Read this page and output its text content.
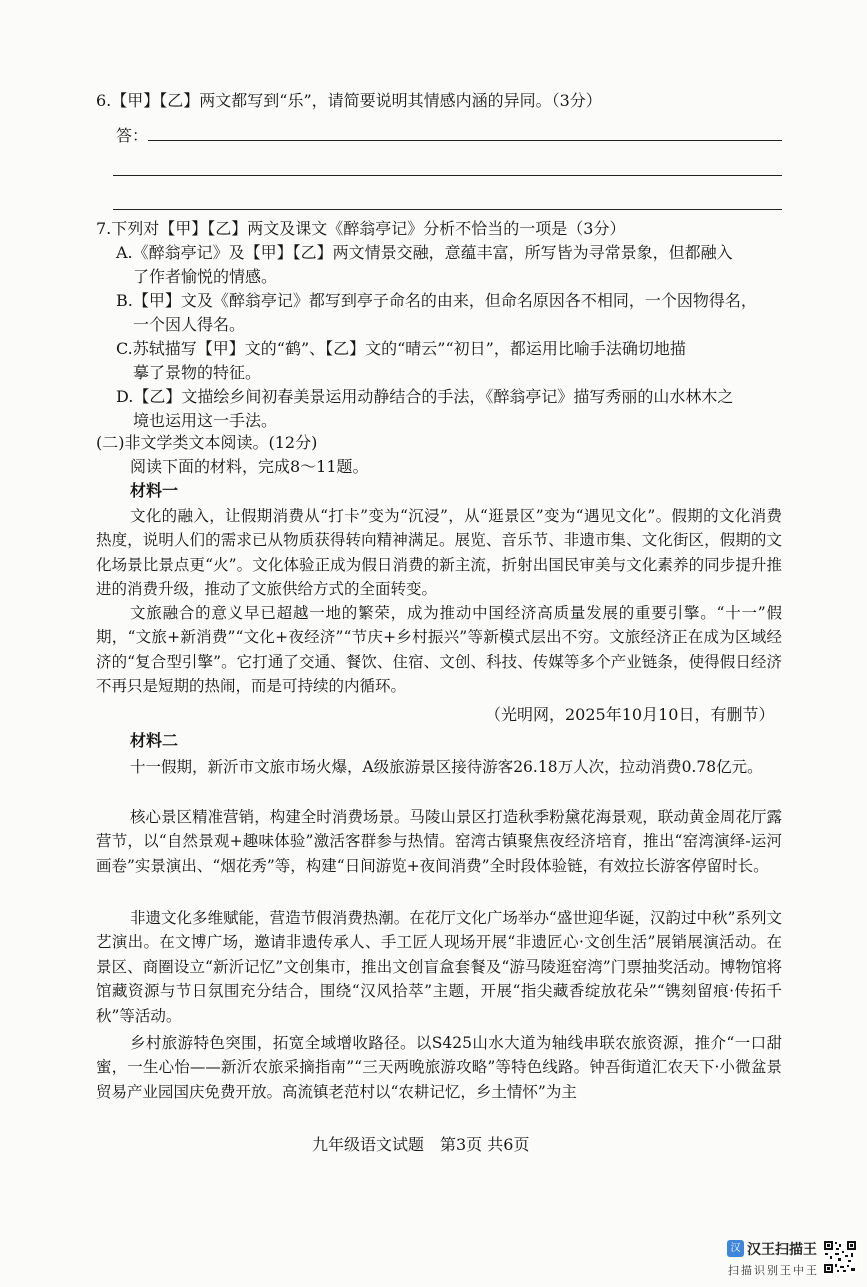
6.【甲】【乙】两文都写到“乐”，请简要说明其情感内涵的异同。（3分）

答：

7.下列对【甲】【乙】两文及课文《醉翁亭记》分析不恰当的一项是（3分）

A.《醉翁亭记》及【甲】【乙】两文情景交融，意蕴丰富，所写皆为寻常景象，但都融入

了作者愉悦的情感。

B.【甲】文及《醉翁亭记》都写到亭子命名的由来，但命名原因各不相同，一个因物得名，

一个因人得名。

C.苏轼描写【甲】文的“鹤”、【乙】文的“晴云”“初日”，都运用比喻手法确切地描

摹了景物的特征。

D.【乙】文描绘乡间初春美景运用动静结合的手法，《醉翁亭记》描写秀丽的山水林木之

境也运用这一手法。

(二)非文学类文本阅读。(12分)

阅读下面的材料，完成8～11题。

材料一

文化的融入，让假期消费从“打卡”变为“沉浸”，从“逛景区”变为“遇见文化”。假期的文化消费热度，说明人们的需求已从物质获得转向精神满足。展览、音乐节、非遗市集、文化街区，假期的文化场景比景点更“火”。文化体验正成为假日消费的新主流，折射出国民审美与文化素养的同步提升推进的消费升级，推动了文旅供给方式的全面转变。

文旅融合的意义早已超越一地的繁荣，成为推动中国经济高质量发展的重要引擎。“十一”假期，“文旅+新消费”“文化+夜经济”“节庆+乡村振兴”等新模式层出不穷。文旅经济正在成为区域经济的“复合型引擎”。它打通了交通、餐饮、住宿、文创、科技、传媒等多个产业链条，使得假日经济不再只是短期的热闹，而是可持续的内循环。

（光明网，2025年10月10日，有删节）

材料二

十一假期，新沂市文旅市场火爆，A级旅游景区接待游客26.18万人次，拉动消费0.78亿元。

核心景区精准营销，构建全时消费场景。马陵山景区打造秋季粉黛花海景观，联动黄金周花厅露营节，以“自然景观+趣味体验”激活客群参与热情。窑湾古镇聚焦夜经济培育，推出“窑湾演绎-运河画卷”实景演出、“烟花秀”等，构建“日间游览+夜间消费”全时段体验链，有效拉长游客停留时长。

非遗文化多维赋能，营造节假消费热潮。在花厅文化广场举办“盛世迎华诞，汉韵过中秋”系列文艺演出。在文博广场，邀请非遗传承人、手工匠人现场开展“非遗匠心·文创生活”展销展演活动。在景区、商圈设立“新沂记忆”文创集市，推出文创盲盒套餐及“游马陵逛窑湾”门票抽奖活动。博物馆将馆藏资源与节日氛围充分结合，围绕“汉风拾萃”主题，开展“指尖藏香绽放花朵”“镌刻留痕·传拓千秋”等活动。

乡村旅游特色突围，拓宽全域增收路径。以S425山水大道为轴线串联农旅资源，推介“一口甜蜜，一生心怡——新沂农旅采摘指南”“三天两晚旅游攻略”等特色线路。钟吾街道汇农天下·小微盆景贸易产业园国庆免费开放。高流镇老范村以“农耕记忆，乡土情怀”为主

九年级语文试题　第3页 共6页

汉 汉王扫描王
扫描识别王中王
